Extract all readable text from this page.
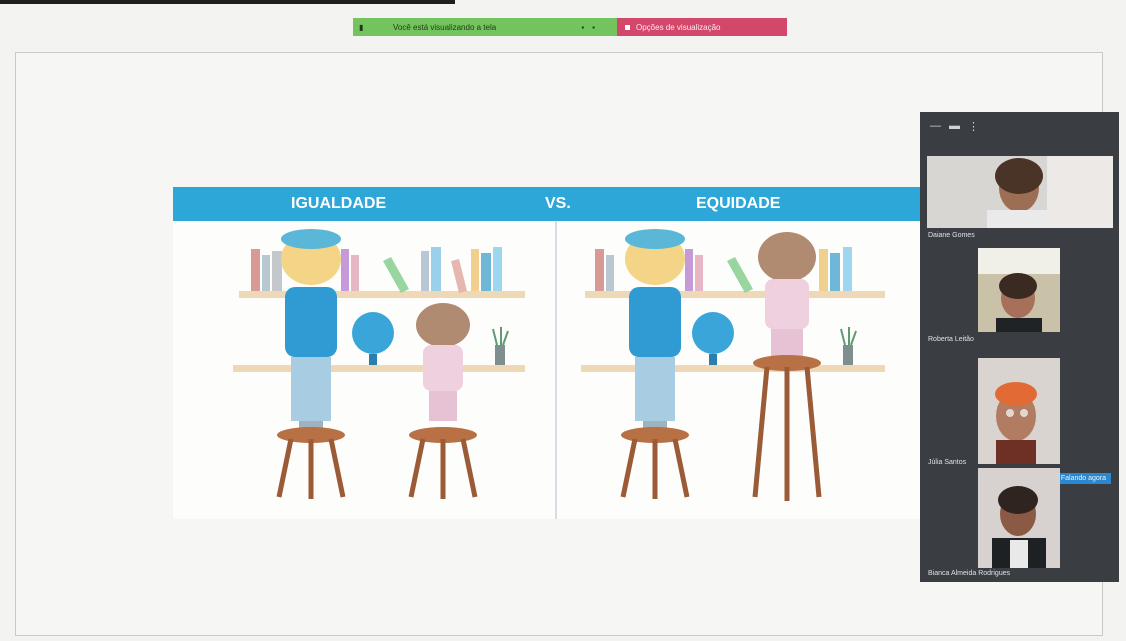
▮	Você está visualizando a tela	▪▪	Opções de visualização
IGUALDADE	VS.	EQUIDADE
— ▬ ⋮
Daiane Gomes
Roberta Leitão
Júlia Santos
Falando agora
Bianca Almeida Rodrigues
